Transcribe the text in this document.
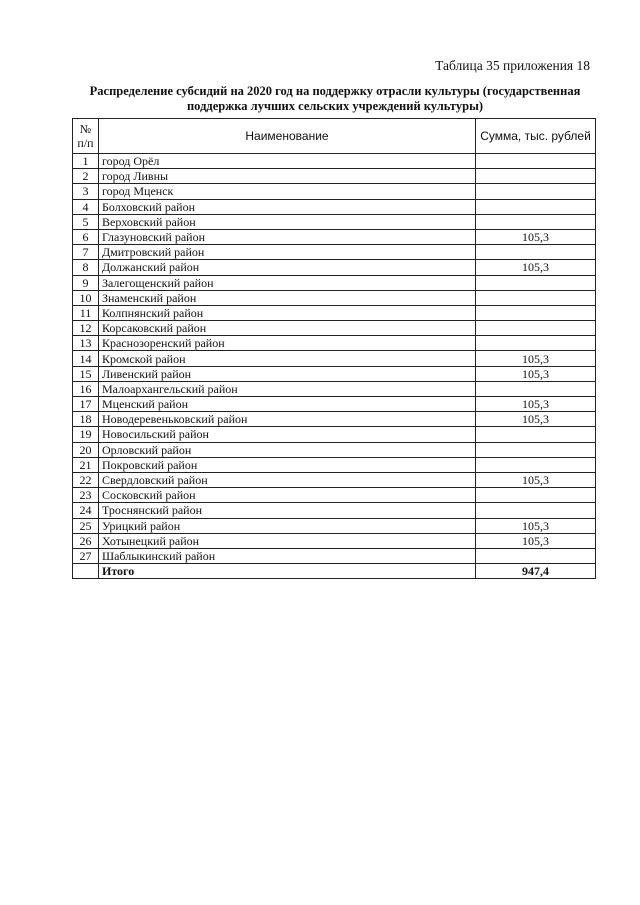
Таблица 35 приложения 18
Распределение субсидий на 2020 год на поддержку отрасли культуры (государственная
поддержка лучших сельских учреждений культуры)
№
п/п	Наименование	Сумма, тыс. рублей
1	город Орёл	
2	город Ливны	
3	город Мценск	
4	Болховский район	
5	Верховский район	
6	Глазуновский район	105,3
7	Дмитровский район	
8	Должанский район	105,3
9	Залегощенский район	
10	Знаменский район	
11	Колпнянский район	
12	Корсаковский район	
13	Краснозоренский район	
14	Кромской район	105,3
15	Ливенский район	105,3
16	Малоархангельский район	
17	Мценский район	105,3
18	Новодеревеньковский район	105,3
19	Новосильский район	
20	Орловский район	
21	Покровский район	
22	Свердловский район	105,3
23	Сосковский район	
24	Троснянский район	
25	Урицкий район	105,3
26	Хотынецкий район	105,3
27	Шаблыкинский район	
	Итого	947,4
